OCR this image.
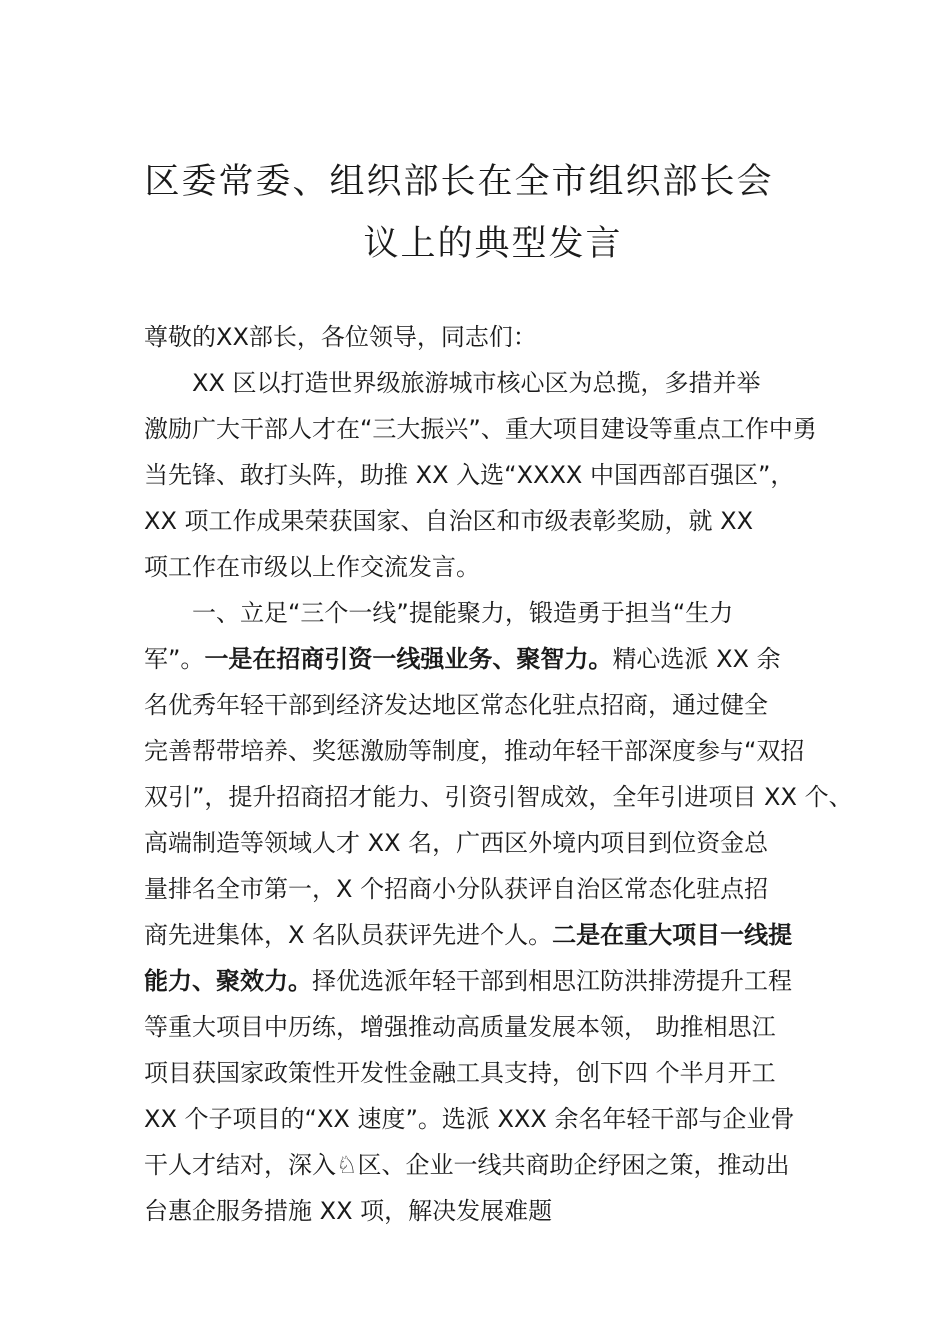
区委常委、组织部长在全市组织部长会
议上的典型发言
尊敬的XX部长，各位领导，同志们：
　　XX 区以打造世界级旅游城市核心区为总揽，多措并举
激励广大干部人才在“三大振兴”、重大项目建设等重点工作中勇
当先锋、敢打头阵，助推 XX 入选“XXXX 中国西部百强区”，
XX 项工作成果荣获国家、自治区和市级表彰奖励，就 XX
项工作在市级以上作交流发言。
　　一、立足“三个一线”提能聚力，锻造勇于担当“生力
军”。一是在招商引资一线强业务、聚智力。精心选派 XX 余
名优秀年轻干部到经济发达地区常态化驻点招商，通过健全
完善帮带培养、奖惩激励等制度，推动年轻干部深度参与“双招
双引”，提升招商招才能力、引资引智成效，全年引进项目 XX 个、
高端制造等领域人才 XX 名，广西区外境内项目到位资金总
量排名全市第一，X 个招商小分队获评自治区常态化驻点招
商先进集体，X 名队员获评先进个人。二是在重大项目一线提
能力、聚效力。择优选派年轻干部到相思江防洪排涝提升工程
等重大项目中历练，增强推动高质量发展本领， 助推相思江
项目获国家政策性开发性金融工具支持，创下四 个半月开工
XX 个子项目的“XX 速度”。选派 XXX 余名年轻干部与企业骨
干人才结对，深入♘区、企业一线共商助企纾困之策，推动出
台惠企服务措施 XX 项，解决发展难题
